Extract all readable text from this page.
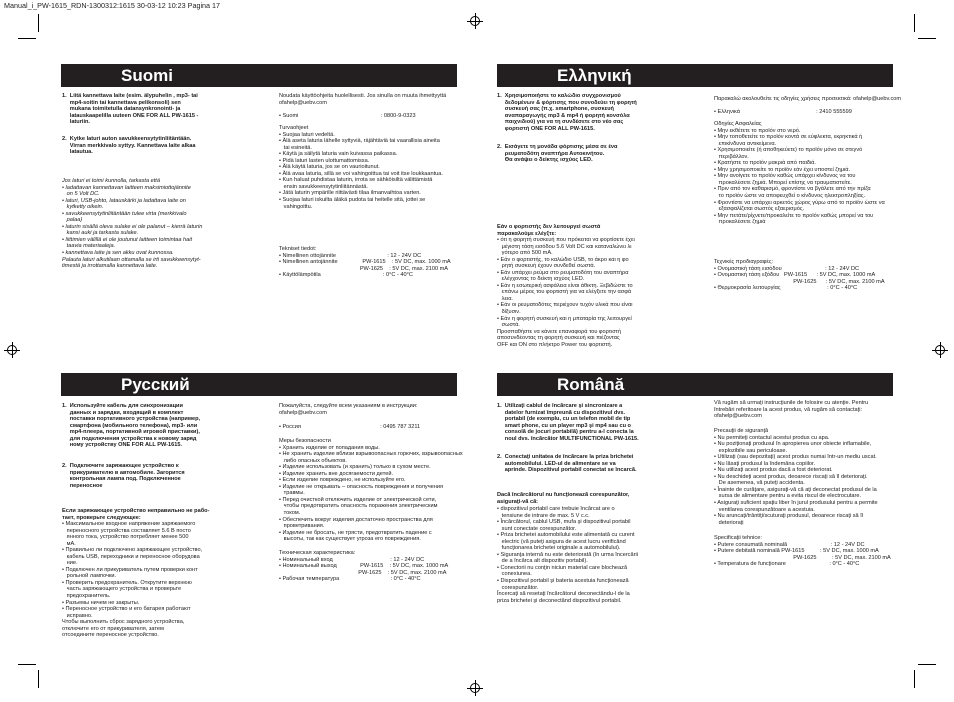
Manual_i_PW-1615_RDN-1300312:1615 30-03-12 10:23 Pagina 17
Suomi
1.  Liitä kannettava laite (esim. älypuhelin , mp3- tai
mp4-soitin tai kannettava pelikonsoli) sen
mukana toimitetulla datansynkronointi- ja
latauskaapelilla uuteen ONE FOR ALL PW-1615 -
laturiin.
2.  Kytke laturi auton savukkeensytytinliitäntään.
Virran merkkivalo syttyy. Kannettava laite alkaa
latautua.
Jos laturi ei toimi kunnolla, tarkasta että
• ladattavan kannettavan laitteen maksimiottojännite
on 5 Volt DC.
• laturi, USB-johto, latauskärki ja ladattava laite on
kytketty oikein.
• savukkeensytytinliitäntään tulee virta (merkkivalo
palaa)
• laturin sisällä oleva sulake ei ole palanut – kierrä laturin
kansi auki ja tarkasta sulake.
• liittimien välillä ei ole joutunut laitteen toimintaa hait
taavia materiaaleja.
• kannettava laite ja sen akku ovat kunnossa.
Palauta laturi alkutilaan ottamalla se irti savukkeensytyt-
timestä ja irrottamalla kannettava laite.
Noudata käyttöohjeita huolellisesti. Jos sinulla on muuta ihmettyyttä
ofahelp@uebv.com
• Suomi                                                     : 0800-9-0323
Turvaohjeet
• Suojaa laturi vedeltä.
• Älä aseta laturia lähelle syttyviä, räjähtäviä tai vaarallisia aineita
tai esineitä.
• Käytä ja säilytä laturia vain kuivassa paikassa.
• Pidä laturi lasten ulottumattomissa.
• Älä käytä laturia, jos se on vaurioitunut.
• Älä avaa laturia, sillä se voi vahingoittua tai voit itse loukkaantua.
• Kun haluat puhdistaa laturin, irrota se sähköisiltä välittämistä
ensin savukkeensytytinliitännästä.
• Jätä laturin ympärille riittävästi tilaa ilmanvaihtoa varten.
• Suojaa laturi iskuilta äläkä pudota tai heitelle sitä, jottei se
vahingoittu.
Tekniset tiedot:
• Nimellinen ottojännite                                 : 12 - 24V DC
• Nimellinen antojännite                PW-1615    : 5V DC, max. 1000 mA
PW-1625    : 5V DC, max. 2100 mA
• Käyttölämpötila                                        : 0°C - 40°C
Ελληνική
1.  Χρησιμοποιήστε το καλώδιο συγχρονισμού
δεδομένων & φόρτισης που συνοδεύει τη φορητή
συσκευή σας (π.χ. smartphone, συσκευή
αναπαραγωγής mp3 & mp4 ή φορητή κονσόλα
παιχνιδιού) για να τη συνδέσετε στο νέο σας
φορτιστή ONE FOR ALL PW-1615.
2.  Εισάγετε τη μονάδα φόρτισης μέσα σε ένα
ρευματοδότη αναπτήρα Αυτοκινήτου.
Θα ανάψει ο δείκτης ισχύος LED.
Εάν ο φορτιστής δεν λειτουργεί σωστά
παρακαλούμε ελέγξτε:
• ότι η φορητή συσκευή που πρόκειται να φορτίσετε έχει
μέγιστη τάση εισόδου 5.6 Volt DC και καταναλώνει λι
γότερο από 500 mA.
• Εάν ο φορτιστής, το καλώδιο USB, το άκρο και η φο
ρητή συσκευή έχουν συνδεθεί σωστά.
• Εάν υπάρχει ρεύμα στο ρευματοδότη του αναπτήρα
ελέγχοντας το δείκτη ισχύος LED.
• Εάν η εσωτερική ασφάλεια είναι άθικτη. Ξεβιδώστε το
επάνω μέρος του φορτιστή για να ελέγξετε την ασφά
λεια.
• Εάν οι ρευματοδότες περιέχουν τυχόν υλικά που είναι
δίξυσιν.
• Εάν η φορητή συσκευή και η μπαταρία της λειτουργεί
σωστά.
Προσπαθήστε να κάνετε επαναφορά του φορτιστή
αποσυνδέοντας τη φορητή συσκευή και πιέζοντας
OFF και ON στο πλήκτρο Power του φορτιστή.
Παρακαλώ ακολουθείτε τις οδηγίες χρήσεις προσεκτικά: ofahelp@uebv.com
• Ελληνικά                                                 : 2410 555599
Οδηγίες Ασφαλείας
• Μην εκθέτετε το προϊόν στο νερό.
• Μην τοποθετείτε το προϊόν κοντά σε εύφλεκτα, εκρηκτικά ή
επικίνδυνα αντικείμενα.
• Χρησιμοποιείτε (ή αποθηκεύετε) το προϊόν μόνο σε στεγνό
περιβάλλον.
• Κρατήστε το προϊόν μακριά από παιδιά.
• Μην χρησιμοποιείτε το προϊόν εάν έχει υποστεί ζημιά.
• Μην ανοίγετε το προϊόν καθώς υπάρχει κίνδυνος να του
προκαλέσετε ζημιά. Μπορεί επίσης να τραυματιστείτε.
• Πριν από τον καθαρισμό, φροντίστε να βγάλετε από την πρίζα
το προϊόν ώστε να αποφευχθεί ο κίνδυνος ηλεκτροπληξίας.
• Φροντίστε να υπάρχει αρκετός χώρος γύρω από το προϊόν ώστε να
εξασφαλίζεται σωστός εξαερισμός.
• Μην πετάτε/ρίχνετε/προκαλείτε το προϊόν καθώς μπορεί να του
προκαλέσετε ζημιά
Τεχνικές προδιαγραφές:
• Ονομαστική τάση εισόδου                            : 12 - 24V DC
• Ονομαστική τάση εξόδου   PW-1615      : 5V DC, max. 1000 mA
PW-1625      : 5V DC, max. 2100 mA
• Θερμοκρασία λειτουργίας                              : 0°C - 40°C
Русский
1.  Используйте кабель для синхронизации
данных и зарядки, входящий в комплект
поставки портативного устройства (например,
смартфона (мобильного телефона), mp3- или
mp4-плеера, портативной игровой приставки),
для подключения устройства к новому заряд
ному устройству ONE FOR ALL PW-1615.
2.  Подключите заряжающее устройство к
прикуривателю в автомобиле. Загорится
контрольная лампа под. Подключенное
переносное
Если заряжающее устройство неправильно не рабо-
тает, проверьте следующее:
• Максимальное входное напряжение заряжаемого
переносного устройства составляет 5.6 В посто
янного тока, устройство потребляет менее 500
мА.
• Правильно ли подключено заряжающее устройство,
кабель USB, переходники и переносное оборудова
ние.
• Подключен ли прикуриватель путем проверки конт
рольной лампочки.
• Проверить предохранитель. Открутите верхнюю
часть заряжающего устройства и проверьте
предохранитель.
• Разъемы ничем не закрыты.
• Переносное устройство и его батарея работают
исправно.
Чтобы выполнить сброс зарядного устройства,
отключите его от прикуривателя, затем
отсоедините переносное устройство.
Пожалуйста, следуйте всем указаниям в инструкции:
ofahelp@uebv.com
• Россия                                                   : 0495 787 3211
Меры безопасности
• Хранить изделие от попадания воды.
• Не хранить изделие вблизи взрывоопасных горючих, взрывоопасных
либо опасных объектов.
• Изделие использовать (и хранить) только в сухом месте.
• Изделие хранить вне досягаемости детей.
• Если изделие повреждено, не используйте его.
• Изделие не открывать – опасность повреждения и получения
травмы.
• Перед очисткой отключить изделие от электрической сети,
чтобы предотвратить опасность поражения электрическим
током.
• Обеспечить вокруг изделия достаточно пространства для
проветривания.
• Изделие не бросать, не трясти, предотвратить падение с
высоты, так как существует угроза его повреждения.
Техническая характеристика:
• Номинальный вход                                     : 12 - 24V DC
• Номинальный выход               PW-1615    : 5V DC, max. 1000 mA
PW-1625    : 5V DC, max. 2100 mA
• Рабочая температура                                 : 0°C - 40°C
Română
1.  Utilizaţi cablul de încărcare şi sincronizare a
datelor furnizat împreună cu dispozitivul dvs.
portabil (de exemplu, cu un telefon mobil de tip
smart phone, cu un player mp3 şi mp4 sau cu o
consolă de jocuri portabilă) pentru a-l conecta la
noul dvs. încărcător MULTIFUNCTIONAL PW-1615.
2.  Conectaţi unitatea de încărcare la priza brichetei
automobilului. LED-ul de alimentare se va
aprinde. Dispozitivul portabil conectat se încarcă.
Dacă încărcătorul nu funcţionează corespunzător,
asiguraţi-vă că:
• dispozitivul portabil care trebuie încărcat are o
tensiune de intrare de max. 5 V c.c.
• Încărcătorul, cablul USB, mufa şi dispozitivul portabil
sunt conectate corespunzător.
• Priza brichetei automobilului este alimentată cu curent
electric (vă puteţi asigura de acest lucru verificând
funcţionarea brichetei originale a automobilului).
• Siguranţa internă nu este deteriorată (în urma încercării
de a încărca alt dispozitiv portabil).
• Conectorii nu conţin niciun material care blochează
conexiunea.
• Dispozitivul portabil şi bateria acestuia funcţionează
corespunzător.
Încercaţi să resetaţi încărcătorul deconectându-l de la
priza brichetei şi deconectând dispozitivul portabil.
Vă rugăm să urmaţi instrucţiunile de folosire cu atenţie. Pentru
întrebări referitoare la acest produs, vă rugăm să contactaţi:
ofahelp@uebv.com
Precauţii de siguranţă
• Nu permiteţi contactul acestui produs cu apa.
• Nu poziţionaţi produsul în apropierea unor obiecte inflamabile,
explozibile sau periculoase.
• Utilizaţi (sau depozitaţi) acest produs numai într-un mediu uscat.
• Nu lăsaţi produsul la îndemâna copiilor.
• Nu utilizaţi acest produs dacă a fost deteriorat.
• Nu deschideţi acest produs, deoarece riscaţi să îl deterioraţi.
De asemenea, vă puteţi accidenta.
• Înainte de curăţare, asiguraţi-vă că aţi deconectat produsul de la
sursa de alimentare pentru a evita riscul de electrocutare.
• Asiguraţi suficient spaţiu liber în jurul produsului pentru a permite
ventilarea corespunzătoare a acestuia.
• Nu aruncaţi/trântiţi/scuturaţi produsul, deoarece riscaţi să îl
deterioraţi
Specificaţii tehnice:
• Putere consumată nominală                            : 12 - 24V DC
• Putere debitată nominală PW-1615          : 5V DC, max. 1000 mA
PW-1625          : 5V DC, max. 2100 mA
• Temperatura de funcţionare                            : 0°C - 40°C
